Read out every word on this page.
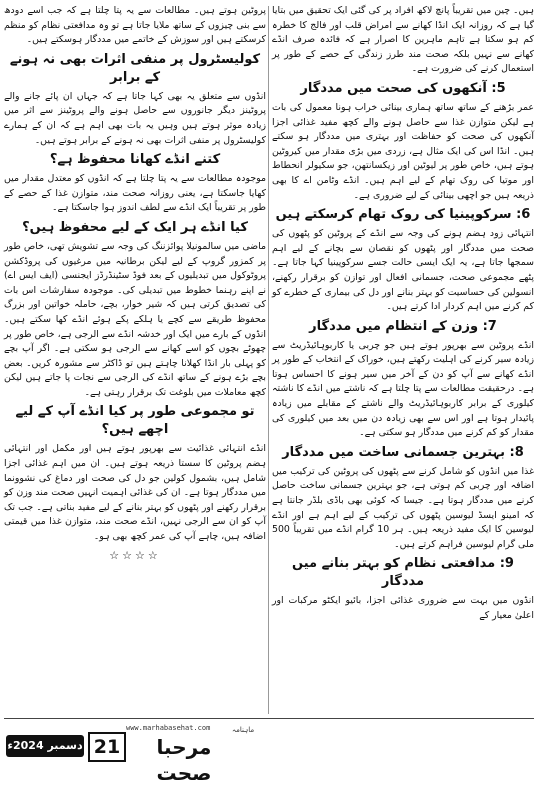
ہیں۔ چین میں تقریباً پانچ لاکھ افراد پر کی گئی ایک تحقیق میں بتایا گیا ہے کہ روزانہ ایک انڈا کھانے سے امراض قلب اور فالج کا خطرہ کم ہو سکتا ہے تاہم ماہرین کا اصرار ہے کہ فائدہ صرف انڈے کھانے سے نہیں بلکہ صحت مند طرز زندگی کے حصے کے طور پر استعمال کرنے کی ضرورت ہے۔

5: آنکھوں کی صحت میں مددگار

عمر بڑھنے کے ساتھ ساتھ ہماری بینائی خراب ہونا معمول کی بات ہے لیکن متوازن غذا سے حاصل ہونے والے کچھ مفید غذائی اجزا آنکھوں کی صحت کو حفاظت اور بہتری میں مددگار ہو سکتے ہیں۔ انڈا اس کی ایک مثال ہے، زردی میں بڑی مقدار میں کیروٹین ہوتے ہیں، خاص طور پر لیوٹین اور زیکسانتھن، جو سکیولر انحطاط اور موتیا کی روک تھام کے لیے اہم ہیں۔ انڈے وٹامن اے کا بھی ذریعہ ہیں جو اچھی بینائی کے لیے ضروری ہے۔

6: سرکوپینیا کی روک تھام کرسکتے ہیں

انتہائی زود ہضم ہونے کی وجہ سے انڈے کے پروٹین کو پٹھوں کی صحت میں مددگار اور پٹھوں کو نقصان سے بچانے کے لیے اہم سمجھا جاتا ہے، یہ ایک ایسی حالت جسے سرکوپینیا کہا جاتا ہے۔ پٹھے مجموعی صحت، جسمانی افعال اور توازن کو برقرار رکھنے، انسولین کی حساسیت کو بہتر بنانے اور دل کی بیماری کے خطرے کو کم کرنے میں اہم کردار ادا کرتے ہیں۔

7: وزن کے انتظام میں مددگار

انڈے پروٹین سے بھرپور ہوتے ہیں جو چربی یا کاربوہائیڈریٹ سے زیادہ سیر کرنے کی اہلیت رکھتے ہیں، خوراک کے انتخاب کے طور پر انڈے کھانے سے آپ کو دن کے آخر میں سیر ہونے کا احساس ہوتا ہے۔ درحقیقت مطالعات سے پتا چلتا ہے کہ ناشتے میں انڈے کا ناشتہ کیلوری کے برابر کاربوہائیڈریٹ والے ناشتے کے مقابلے میں زیادہ پائیدار ہوتا ہے اور اس سے بھی زیادہ دن میں بعد میں کیلوری کی مقدار کو کم کرنے میں مددگار ہو سکتی ہے۔

8: بہترین جسمانی ساخت میں مددگار

غذا میں انڈوں کو شامل کرنے سے پٹھوں کی پروٹین کی ترکیب میں اضافہ اور چربی کم ہوتی ہے، جو بہترین جسمانی ساخت حاصل کرنے میں مددگار ہوتا ہے۔ جیسا کہ کوئی بھی باڈی بلڈر جانتا ہے کہ امینو ایسڈ لیوسین پٹھوں کی ترکیب کے لیے اہم ہے اور انڈے لیوسین کا ایک مفید ذریعہ ہیں۔ ہر 10 گرام انڈے میں تقریباً 500 ملی گرام لیوسین فراہم کرتے ہیں۔

9: مدافعتی نظام کو بہتر بنانے میں مددگار

انڈوں میں بہت سے ضروری غذائی اجزا، بائیو ایکٹو مرکبات اور اعلیٰ معیار کے

پروٹین ہوتے ہیں۔ مطالعات سے یہ پتا چلتا ہے کہ جب اسے دودھ سے بنی چیزوں کے ساتھ ملایا جاتا ہے تو وہ مدافعتی نظام کو منظم کرسکتے ہیں اور سوزش کے خاتمے میں مددگار ہوسکتے ہیں۔

کولیسٹرول پر منفی اثرات بھی نہ ہونے کے برابر

انڈوں سے متعلق یہ بھی کہا جاتا ہے کہ جہاں ان پائے جانے والے پروٹینز دیگر جانوروں سے حاصل ہونے والے پروٹینز سے اثر میں زیادہ موثر ہوتے ہیں وہیں یہ بات بھی اہم ہے کہ ان کے ہمارے کولیسٹرول پر منفی اثرات بھی نہ ہونے کے برابر ہوتے ہیں۔

کتنے انڈے کھانا محفوظ ہے؟

موجودہ مطالعات سے یہ پتا چلتا ہے کہ انڈوں کو معتدل مقدار میں کھایا جاسکتا ہے، یعنی روزانہ صحت مند، متوازن غذا کے حصے کے طور پر تقریباً ایک انڈے سے لطف اندوز ہوا جاسکتا ہے۔

کیا انڈے ہر ایک کے لیے محفوظ ہیں؟

ماضی میں سالمونیلا پوائزننگ کی وجہ سے تشویش تھی، خاص طور پر کمزور گروپ کے لیے لیکن برطانیہ میں مرغیوں کی پروڈکشن پروٹوکول میں تبدیلیوں کے بعد فوڈ سٹینڈرڈز ایجنسی (ایف ایس اے) نے اپنے رہنما خطوط میں تبدیلی کی۔ موجودہ سفارشات اس بات کی تصدیق کرتی ہیں کہ شیر خوار، بچے، حاملہ خواتین اور بزرگ محفوظ طریقے سے کچے یا ہلکے پکے ہوئے انڈے کھا سکتے ہیں۔ انڈوں کے بارے میں ایک اور خدشہ انڈے سے الرجی ہے، خاص طور پر چھوٹے بچوں کو اسے کھانے سے الرجی ہو سکتی ہے۔ اگر آپ بچے کو پہلی بار انڈا کھلانا چاہتے ہیں تو ڈاکٹر سے مشورہ کریں۔ بعض بچے بڑے ہونے کے ساتھ انڈے کی الرجی سے نجات پا جاتے ہیں لیکن کچھ معاملات میں بلوغت تک برقرار رہتی ہے۔

تو مجموعی طور پر کیا انڈے آپ کے لیے اچھے ہیں؟

انڈے انتہائی غذائیت سے بھرپور ہوتے ہیں اور مکمل اور انتہائی ہضم پروٹین کا سستا ذریعہ ہوتے ہیں۔ ان میں اہم غذائی اجزا شامل ہیں، بشمول کولین جو دل کی صحت اور دماغ کی نشوونما میں مددگار ہوتا ہے۔ ان کی غذائی اہمیت انہیں صحت مند وزن کو برقرار رکھنے اور پٹھوں کو بہتر بنانے کے لیے مفید بناتی ہے۔ جب تک آپ کو ان سے الرجی نہیں، انڈے صحت مند، متوازن غذا میں قیمتی اضافہ ہیں، چاہے آپ کی عمر کچھ بھی ہو۔

☆☆☆☆
دسمبر 2024ء 21
www.marhabasehat.com	ماہنامہ
مرحبا صحت
